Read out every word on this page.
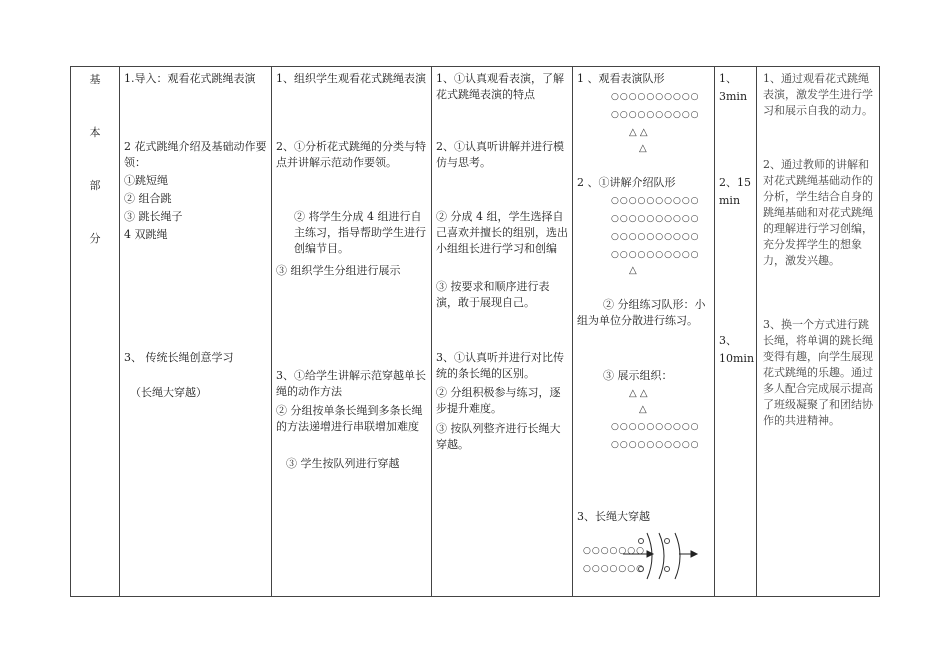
基
本
部
分
1.导入：观看花式跳绳表演
2 花式跳绳介绍及基础动作要领：
①跳短绳
② 组合跳
③ 跳长绳子
4 双跳绳
3、 传统长绳创意学习
（长绳大穿越）
1、组织学生观看花式跳绳表演
2、①分析花式跳绳的分类与特点并讲解示范动作要领。
② 将学生分成 4 组进行自主练习，指导帮助学生进行创编节目。
③ 组织学生分组进行展示
3、①给学生讲解示范穿越单长绳的动作方法
② 分组按单条长绳到多条长绳的方法递增进行串联增加难度
③ 学生按队列进行穿越
1、①认真观看表演，了解花式跳绳表演的特点
2、①认真听讲解并进行模仿与思考。
② 分成 4 组，学生选择自己喜欢并擅长的组别，选出小组组长进行学习和创编
③ 按要求和顺序进行表演，敢于展现自己。
3、①认真听并进行对比传统的条长绳的区别。
② 分组积极参与练习，逐步提升难度。
③ 按队列整齐进行长绳大穿越。
1 、观看表演队形
○○○○○○○○○○
○○○○○○○○○○
△ △
△
2 、①讲解介绍队形
○○○○○○○○○○
○○○○○○○○○○
○○○○○○○○○○
○○○○○○○○○○
△
② 分组练习队形：小组为单位分散进行练习。
③ 展示组织：
△ △
△
○○○○○○○○○○
○○○○○○○○○○
3、长绳大穿越
○○○○○○○
○○○○○○○
1、
3min
2、15
min
3、
10min
1、通过观看花式跳绳表演，激发学生进行学习和展示自我的动力。
2、通过教师的讲解和对花式跳绳基础动作的分析，学生结合自身的跳绳基础和对花式跳绳的理解进行学习创编，充分发挥学生的想象力，激发兴趣。
3、换一个方式进行跳长绳，将单调的跳长绳变得有趣，向学生展现花式跳绳的乐趣。通过多人配合完成展示提高了班级凝聚了和团结协作的共进精神。
